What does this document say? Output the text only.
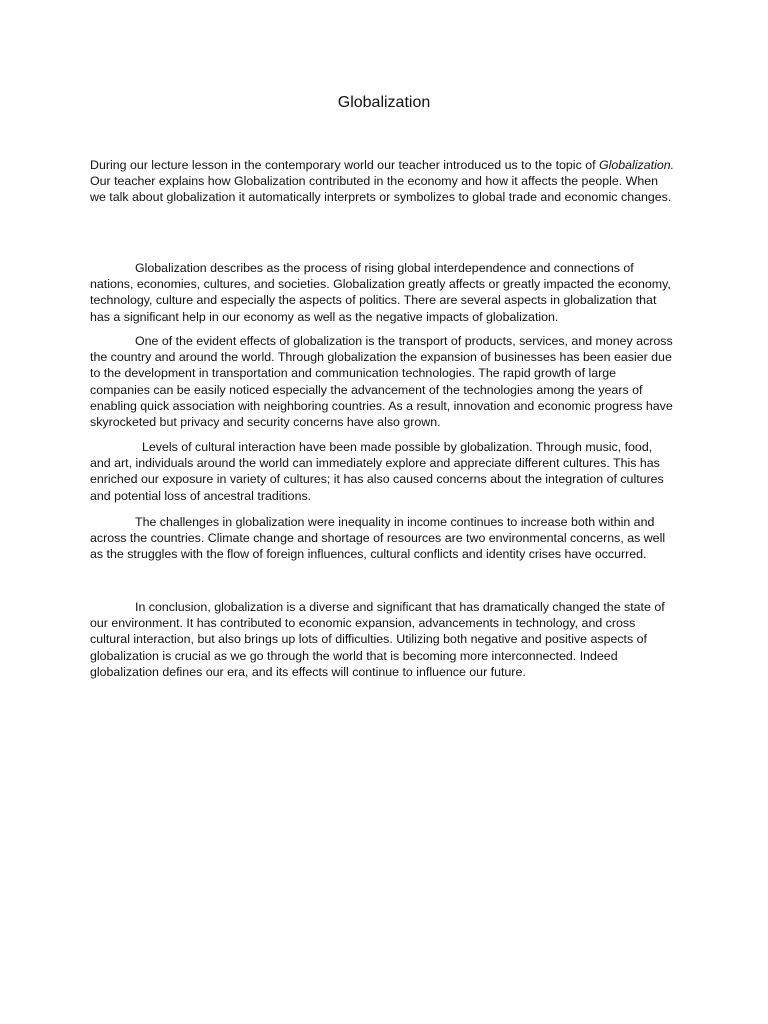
Globalization

During our lecture lesson in the contemporary world our teacher introduced us to the topic of Globalization. Our teacher explains how Globalization contributed in the economy and how it affects the people. When we talk about globalization it automatically interprets or symbolizes to global trade and economic changes.

Globalization describes as the process of rising global interdependence and connections of nations, economies, cultures, and societies. Globalization greatly affects or greatly impacted the economy, technology, culture and especially the aspects of politics. There are several aspects in globalization that has a significant help in our economy as well as the negative impacts of globalization.

One of the evident effects of globalization is the transport of products, services, and money across the country and around the world. Through globalization the expansion of businesses has been easier due to the development in transportation and communication technologies. The rapid growth of large companies can be easily noticed especially the advancement of the technologies among the years of enabling quick association with neighboring countries. As a result, innovation and economic progress have skyrocketed but privacy and security concerns have also grown.

Levels of cultural interaction have been made possible by globalization. Through music, food, and art, individuals around the world can immediately explore and appreciate different cultures. This has enriched our exposure in variety of cultures; it has also caused concerns about the integration of cultures and potential loss of ancestral traditions.

The challenges in globalization were inequality in income continues to increase both within and across the countries. Climate change and shortage of resources are two environmental concerns, as well as the struggles with the flow of foreign influences, cultural conflicts and identity crises have occurred.

In conclusion, globalization is a diverse and significant that has dramatically changed the state of our environment. It has contributed to economic expansion, advancements in technology, and cross cultural interaction, but also brings up lots of difficulties. Utilizing both negative and positive aspects of globalization is crucial as we go through the world that is becoming more interconnected. Indeed globalization defines our era, and its effects will continue to influence our future.
